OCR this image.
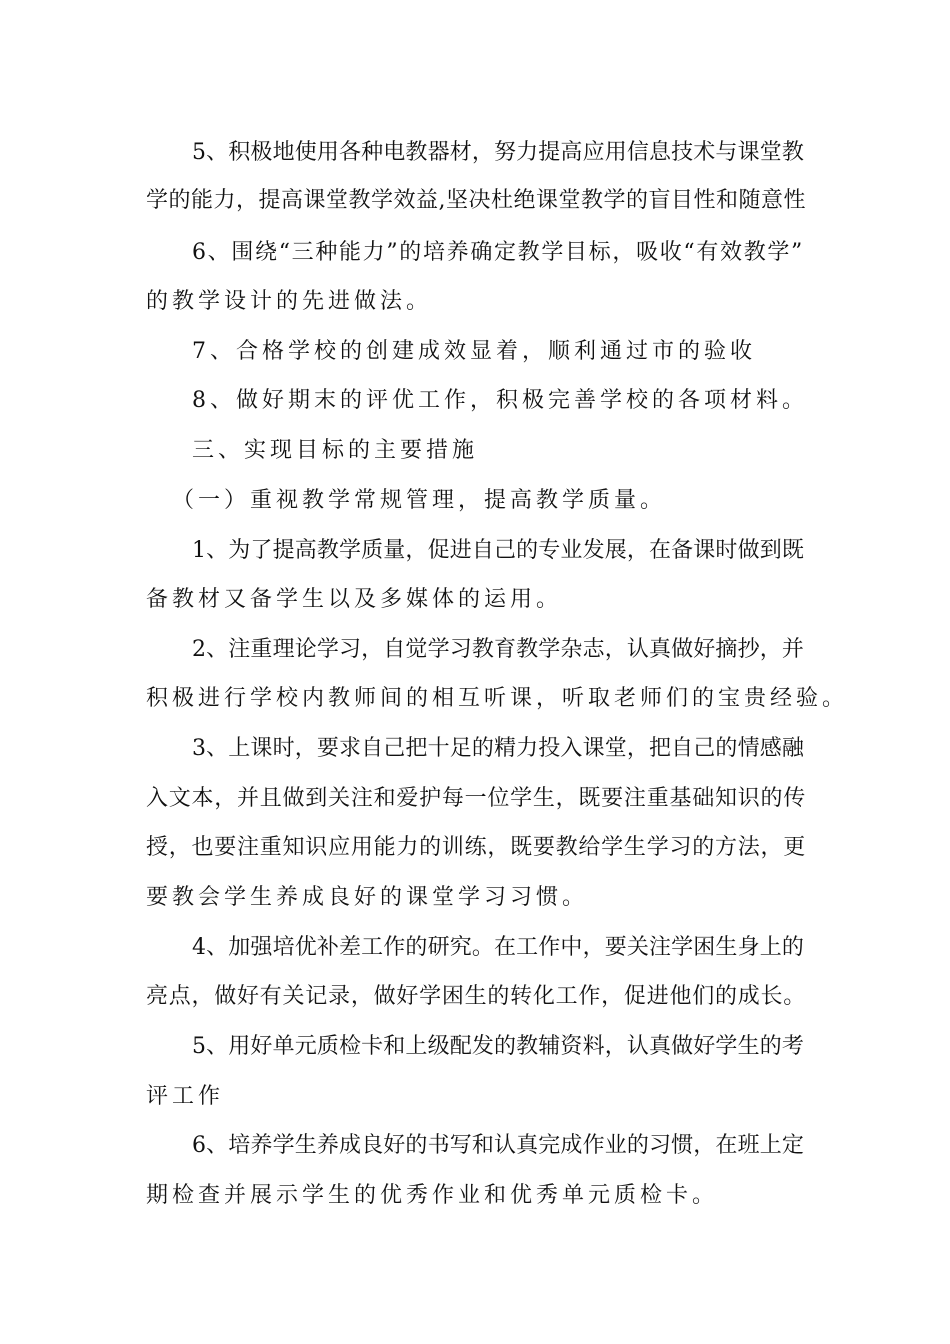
5、积极地使用各种电教器材，努力提高应用信息技术与课堂教
学的能力，提高课堂教学效益,坚决杜绝课堂教学的盲目性和随意性
6、围绕“三种能力”的培养确定教学目标，吸收“有效教学”
的教学设计的先进做法。
7、合格学校的创建成效显着，顺利通过市的验收
8、做好期末的评优工作，积极完善学校的各项材料。
三、实现目标的主要措施
（一）重视教学常规管理，提高教学质量。
1、为了提高教学质量，促进自己的专业发展，在备课时做到既
备教材又备学生以及多媒体的运用。
2、注重理论学习，自觉学习教育教学杂志，认真做好摘抄，并
积极进行学校内教师间的相互听课，听取老师们的宝贵经验。
3、上课时，要求自己把十足的精力投入课堂，把自己的情感融
入文本，并且做到关注和爱护每一位学生，既要注重基础知识的传
授，也要注重知识应用能力的训练，既要教给学生学习的方法，更
要教会学生养成良好的课堂学习习惯。
4、加强培优补差工作的研究。在工作中，要关注学困生身上的
亮点，做好有关记录，做好学困生的转化工作，促进他们的成长。
5、用好单元质检卡和上级配发的教辅资料，认真做好学生的考
评工作
6、培养学生养成良好的书写和认真完成作业的习惯，在班上定
期检查并展示学生的优秀作业和优秀单元质检卡。
